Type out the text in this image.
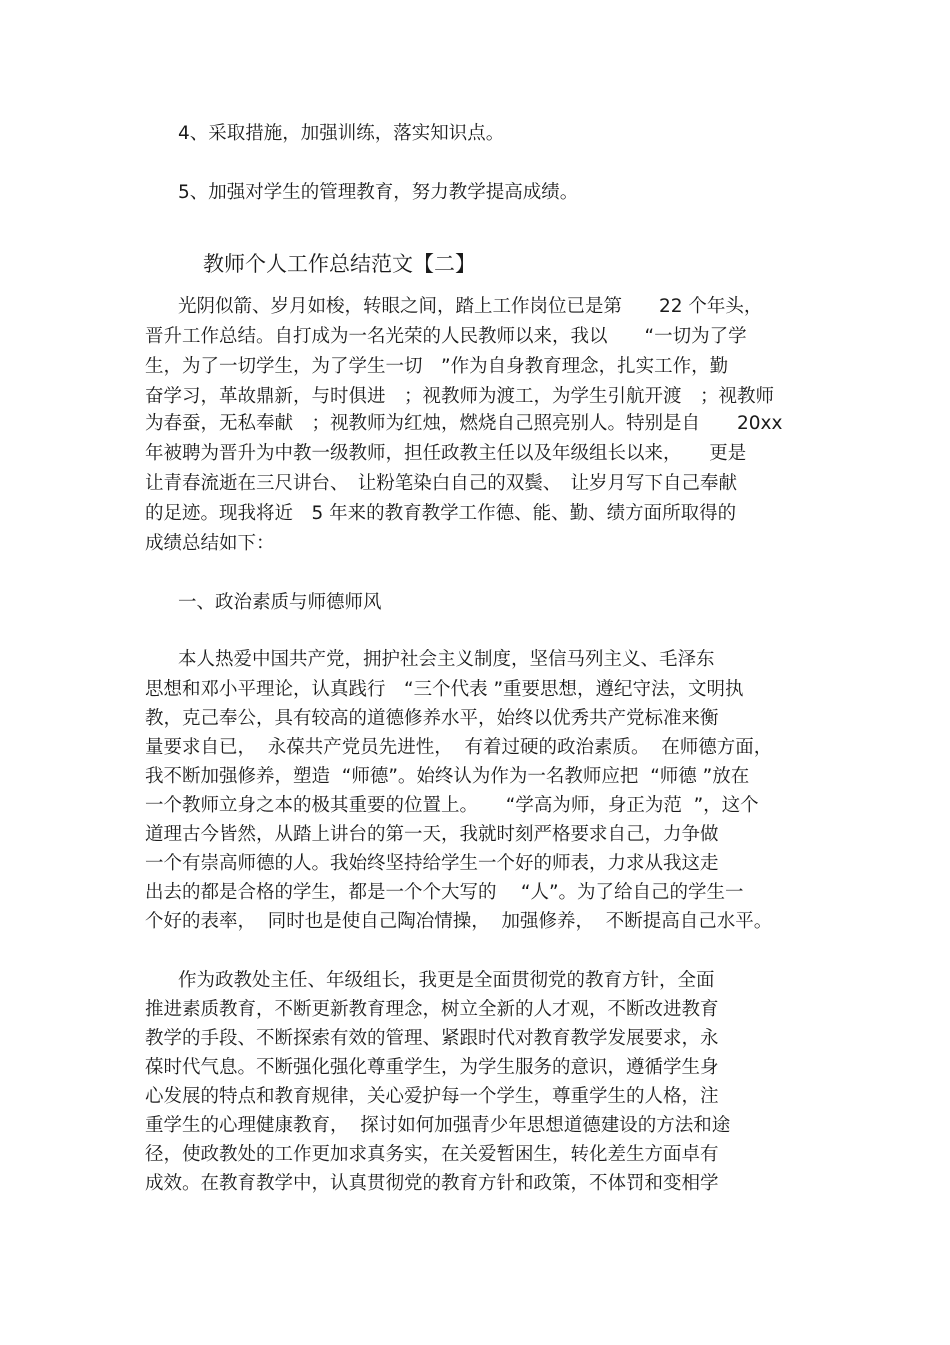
4、采取措施，加强训练，落实知识点。
5、加强对学生的管理教育，努力教学提高成绩。
教师个人工作总结范文【二】
光阴似箭、岁月如梭，转眼之间，踏上工作岗位已是第　　22 个年头，
晋升工作总结。自打成为一名光荣的人民教师以来，我以　　“一切为了学
生，为了一切学生，为了学生一切　”作为自身教育理念，扎实工作，勤
奋学习，革故鼎新，与时俱进　；视教师为渡工，为学生引航开渡　；视教师
为春蚕，无私奉献　；视教师为红烛，燃烧自己照亮别人。特别是自　　20xx
年被聘为晋升为中教一级教师，担任政教主任以及年级组长以来，　　更是
让青春流逝在三尺讲台、　让粉笔染白自己的双鬓、　让岁月写下自己奉献
的足迹。现我将近　5 年来的教育教学工作德、能、勤、绩方面所取得的
成绩总结如下：
一、政治素质与师德师风
本人热爱中国共产党，拥护社会主义制度，坚信马列主义、毛泽东
思想和邓小平理论，认真践行　“三个代表 ”重要思想，遵纪守法，文明执
教，克己奉公，具有较高的道德修养水平，始终以优秀共产党标准来衡
量要求自已，  永葆共产党员先进性，  有着过硬的政治素质。  在师德方面，
我不断加强修养，塑造  “师德”。始终认为作为一名教师应把  “师德 ”放在
一个教师立身之本的极其重要的位置上。　　“学高为师，身正为范  ”，这个
道理古今皆然，从踏上讲台的第一天，我就时刻严格要求自己，力争做
一个有崇高师德的人。我始终坚持给学生一个好的师表，力求从我这走
出去的都是合格的学生，都是一个个大写的　 “人”。为了给自己的学生一
个好的表率，  同时也是使自己陶冶情操，  加强修养，  不断提高自己水平。
作为政教处主任、年级组长，我更是全面贯彻党的教育方针，全面
推进素质教育，不断更新教育理念，树立全新的人才观，不断改进教育
教学的手段、不断探索有效的管理、紧跟时代对教育教学发展要求，永
葆时代气息。不断强化强化尊重学生，为学生服务的意识，遵循学生身
心发展的特点和教育规律，关心爱护每一个学生，尊重学生的人格，注
重学生的心理健康教育，  探讨如何加强青少年思想道德建设的方法和途
径，使政教处的工作更加求真务实，在关爱暂困生，转化差生方面卓有
成效。在教育教学中，认真贯彻党的教育方针和政策，不体罚和变相学
